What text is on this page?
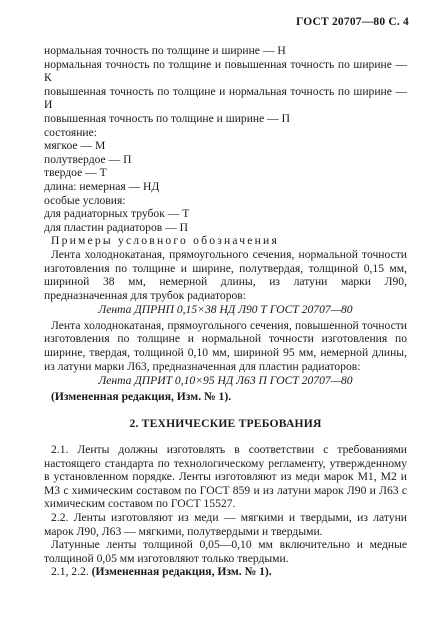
ГОСТ 20707—80 С. 4

нормальная точность по толщине и ширине — Н

нормальная точность по толщине и повышенная точность по ширине — К

повышенная точность по толщине и нормальная точность по ширине — И

повышенная точность по толщине и ширине — П

состояние:

мягкое — М

полутвердое — П

твердое — Т

длина: немерная — НД

особые условия:

для радиаторных трубок — Т

для пластин радиаторов — П

Примеры условного обозначения

Лента холоднокатаная, прямоугольного сечения, нормальной точности изготовления по толщине и ширине, полутвердая, толщиной 0,15 мм, шириной 38 мм, немерной длины, из латуни марки Л90, предназначенная для трубок радиаторов:

Лента ДПРНП 0,15×38 НД Л90 Т ГОСТ 20707—80

Лента холоднокатаная, прямоугольного сечения, повышенной точности изготовления по толщине и нормальной точности изготовления по ширине, твердая, толщиной 0,10 мм, шириной 95 мм, немерной длины, из латуни марки Л63, предназначенная для пластин радиаторов:

Лента ДПРИТ 0,10×95 НД Л63 П ГОСТ 20707—80

(Измененная редакция, Изм. № 1).

2. ТЕХНИЧЕСКИЕ ТРЕБОВАНИЯ

2.1. Ленты должны изготовлять в соответствии с требованиями настоящего стандарта по технологическому регламенту, утвержденному в установленном порядке. Ленты изготовляют из меди марок М1, М2 и М3 с химическим составом по ГОСТ 859 и из латуни марок Л90 и Л63 с химическим составом по ГОСТ 15527.

2.2. Ленты изготовляют из меди — мягкими и твердыми, из латуни марок Л90, Л63 — мягкими, полутвердыми и твердыми.

Латунные ленты толщиной 0,05—0,10 мм включительно и медные толщиной 0,05 мм изготовляют только твердыми.

2.1, 2.2. (Измененная редакция, Изм. № 1).
